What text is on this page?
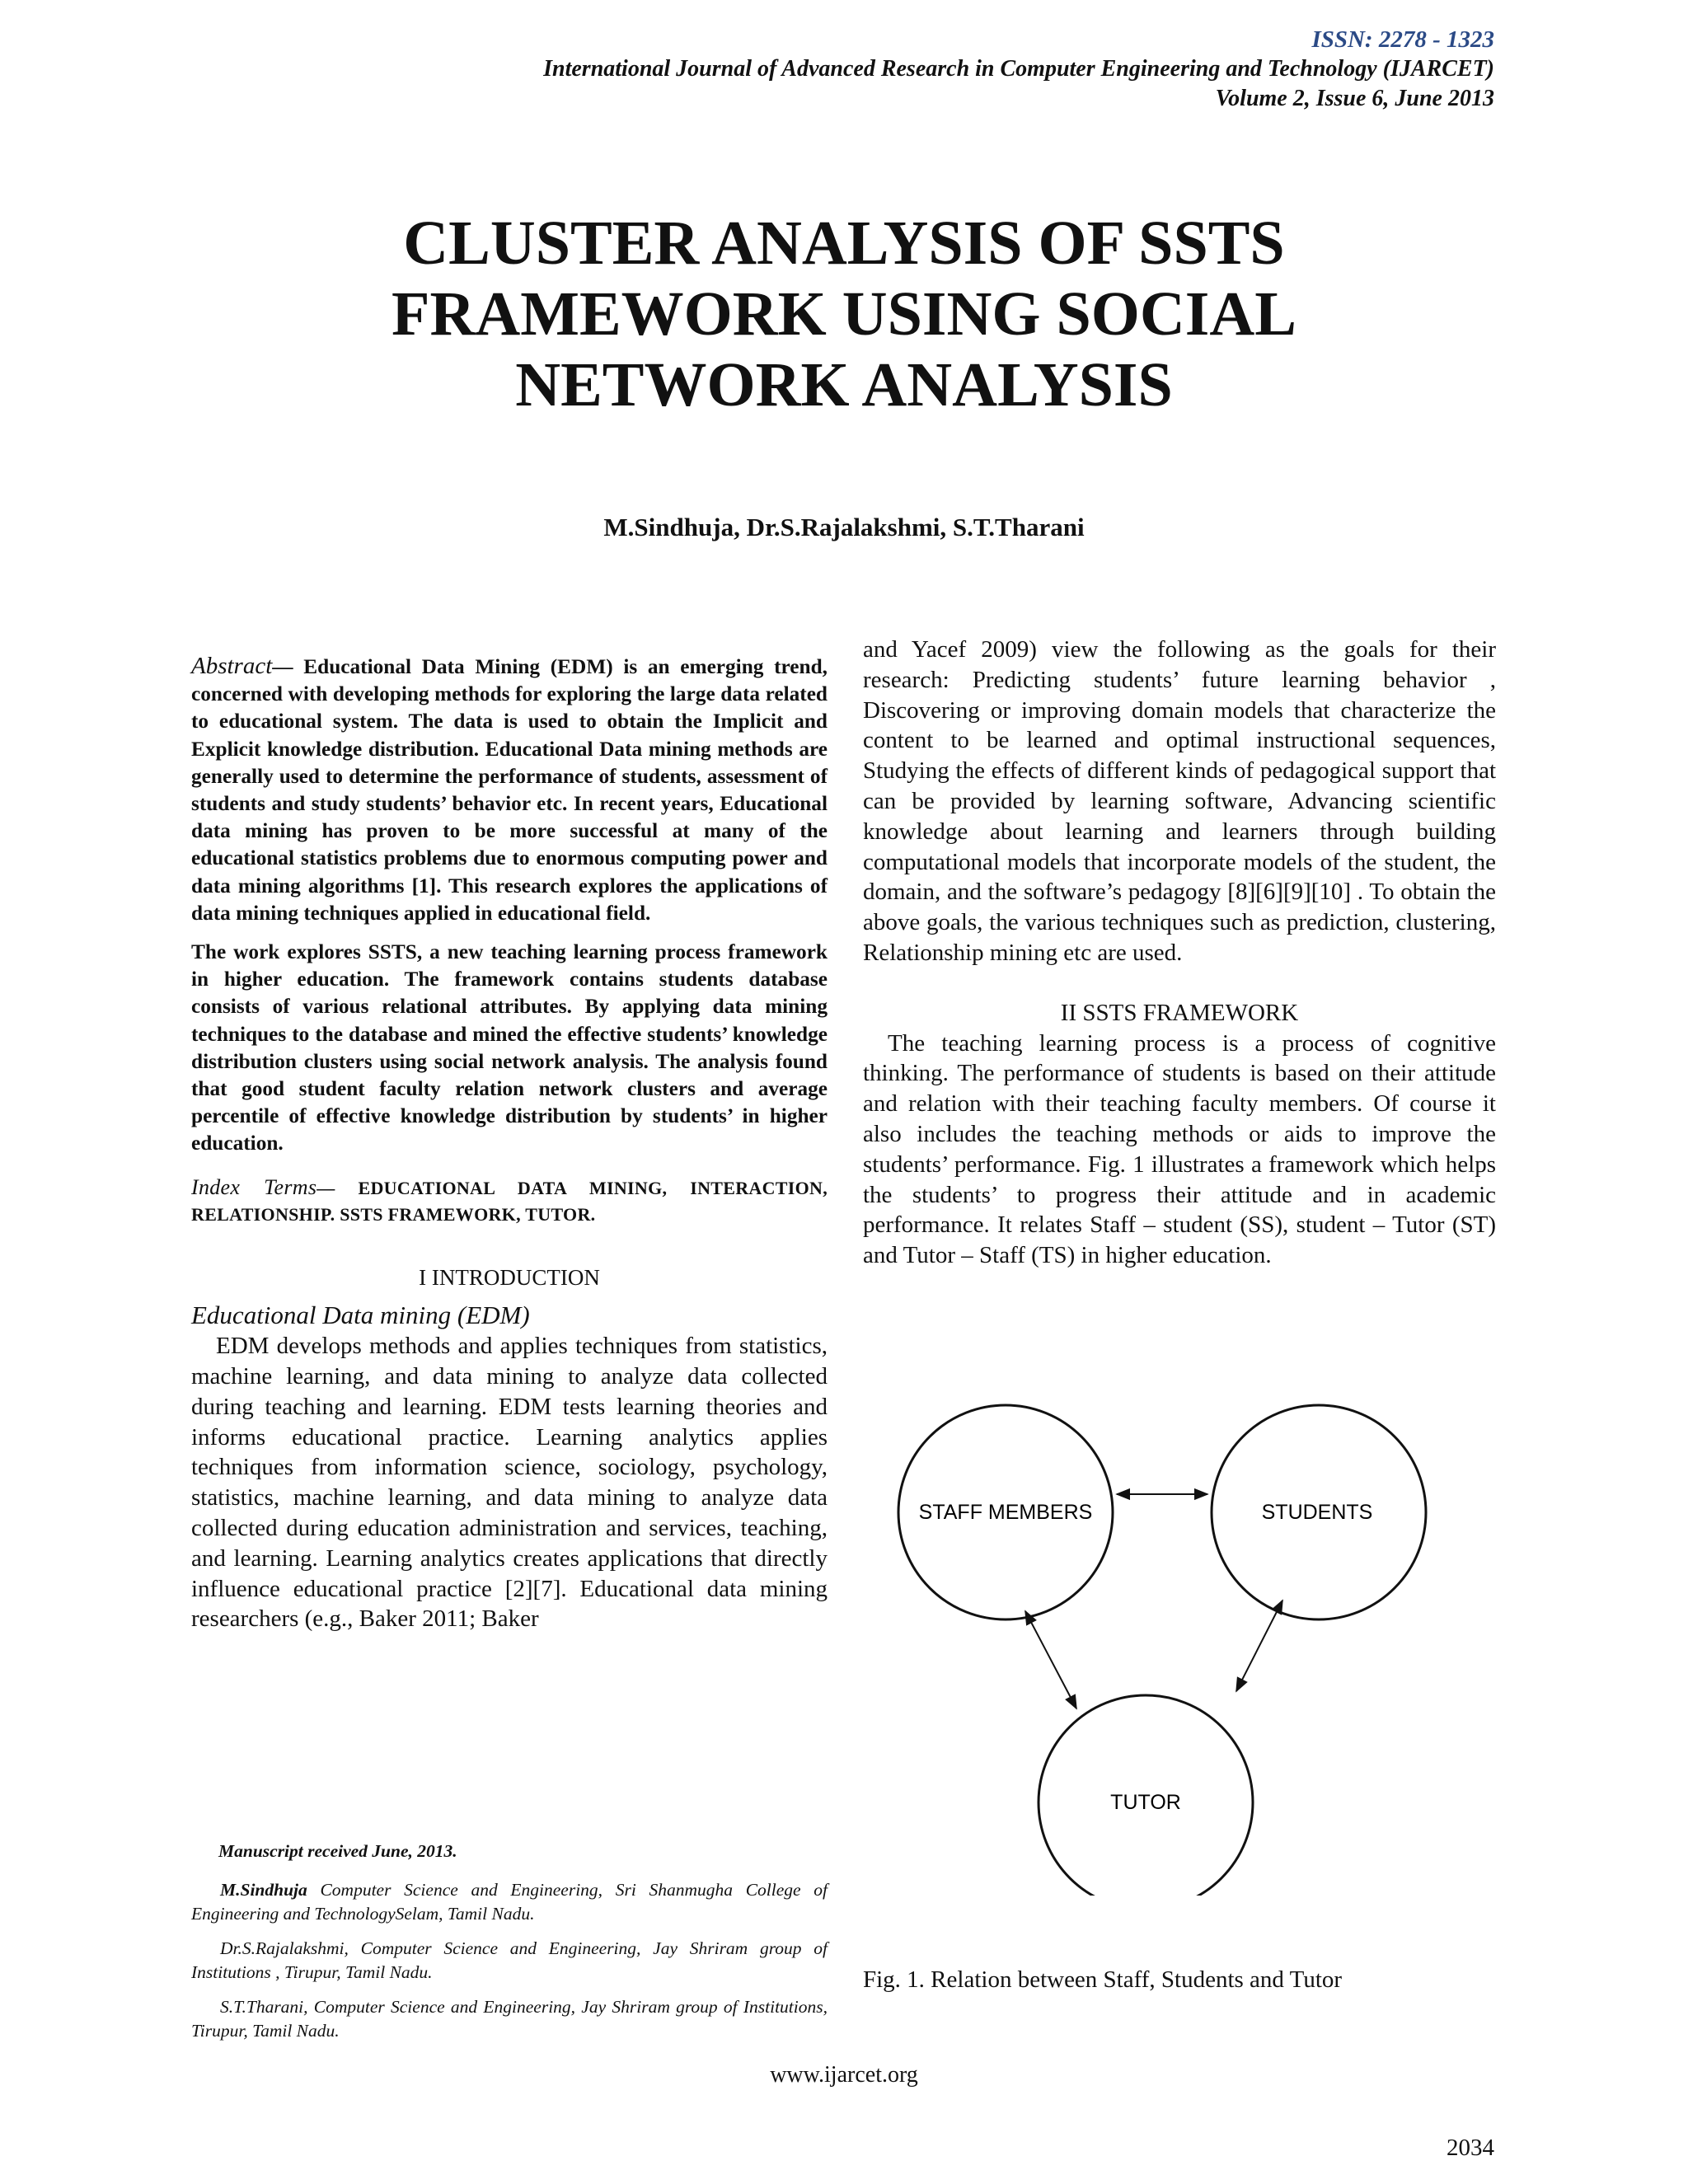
ISSN: 2278 - 1323
International Journal of Advanced Research in Computer Engineering and Technology (IJARCET)
Volume 2, Issue 6, June 2013
CLUSTER ANALYSIS OF SSTS
FRAMEWORK USING SOCIAL
NETWORK ANALYSIS
M.Sindhuja, Dr.S.Rajalakshmi, S.T.Tharani

Abstract— Educational Data Mining (EDM) is an emerging trend, concerned with developing methods for exploring the large data related to educational system. The data is used to obtain the Implicit and Explicit knowledge distribution. Educational Data mining methods are generally used to determine the performance of students, assessment of students and study students’ behavior etc. In recent years, Educational data mining has proven to be more successful at many of the educational statistics problems due to enormous computing power and data mining algorithms [1]. This research explores the applications of data mining techniques applied in educational field.

The work explores SSTS, a new teaching learning process framework in higher education. The framework contains students database consists of various relational attributes. By applying data mining techniques to the database and mined the effective students’ knowledge distribution clusters using social network analysis. The analysis found that good student faculty relation network clusters and average percentile of effective knowledge distribution by students’ in higher education.

Index Terms— EDUCATIONAL DATA MINING, INTERACTION, RELATIONSHIP. SSTS FRAMEWORK, TUTOR.

I INTRODUCTION

Educational Data mining (EDM)

EDM develops methods and applies techniques from statistics, machine learning, and data mining to analyze data collected during teaching and learning. EDM tests learning theories and informs educational practice. Learning analytics applies techniques from information science, sociology, psychology, statistics, machine learning, and data mining to analyze data collected during education administration and services, teaching, and learning. Learning analytics creates applications that directly influence educational practice [2][7]. Educational data mining researchers (e.g., Baker 2011; Baker

and Yacef 2009) view the following as the goals for their research: Predicting students’ future learning behavior , Discovering or improving domain models that characterize the content to be learned and optimal instructional sequences, Studying the effects of different kinds of pedagogical support that can be provided by learning software, Advancing scientific knowledge about learning and learners through building computational models that incorporate models of the student, the domain, and the software’s pedagogy [8][6][9][10] . To obtain the above goals, the various techniques such as prediction, clustering, Relationship mining etc are used.

II SSTS FRAMEWORK

The teaching learning process is a process of cognitive thinking. The performance of students is based on their attitude and relation with their teaching faculty members. Of course it also includes the teaching methods or aids to improve the students’ performance. Fig. 1 illustrates a framework which helps the students’ to progress their attitude and in academic performance. It relates Staff – student (SS), student – Tutor (ST) and Tutor – Staff (TS) in higher education.

STAFF MEMBERS	STUDENTS
TUTOR
Fig. 1. Relation between Staff, Students and Tutor

Manuscript received June, 2013.

M.Sindhuja Computer Science and Engineering, Sri Shanmugha College of Engineering and TechnologySelam, Tamil Nadu.

Dr.S.Rajalakshmi, Computer Science and Engineering, Jay Shriram group of Institutions , Tirupur, Tamil Nadu.

S.T.Tharani, Computer Science and Engineering, Jay Shriram group of Institutions, Tirupur, Tamil Nadu.

www.ijarcet.org
2034
